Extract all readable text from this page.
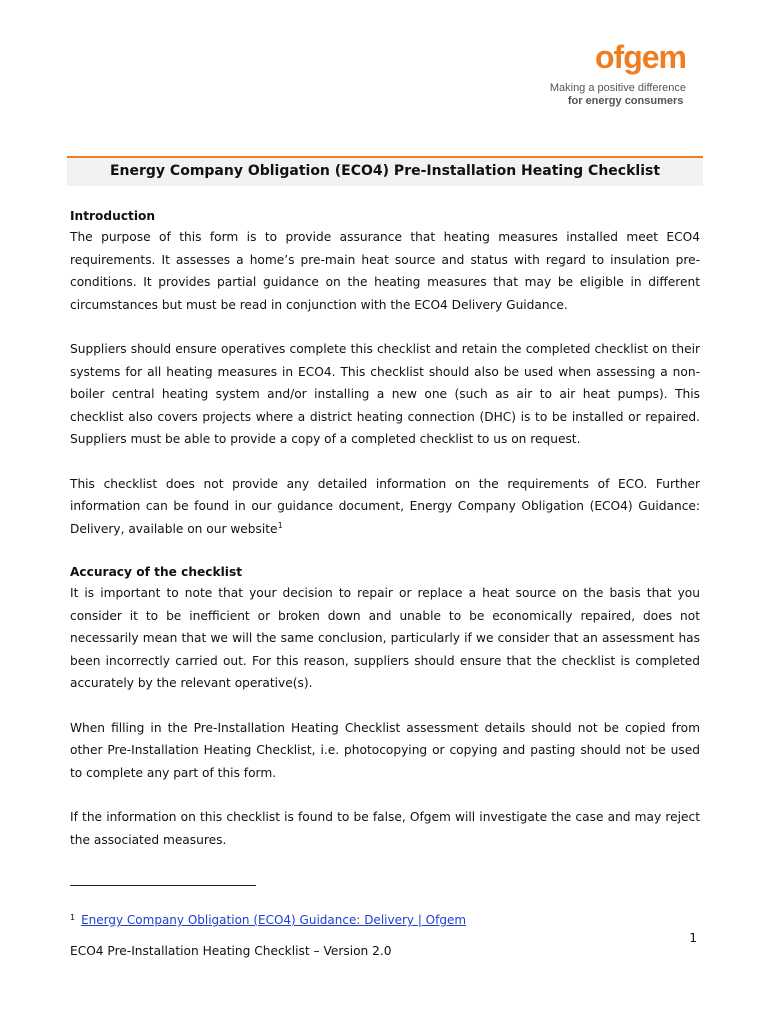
ofgem
Making a positive difference
for energy consumers
Energy Company Obligation (ECO4) Pre-Installation Heating Checklist
Introduction

The purpose of this form is to provide assurance that heating measures installed meet ECO4 requirements. It assesses a home’s pre-main heat source and status with regard to insulation pre-conditions. It provides partial guidance on the heating measures that may be eligible in different circumstances but must be read in conjunction with the ECO4 Delivery Guidance.

Suppliers should ensure operatives complete this checklist and retain the completed checklist on their systems for all heating measures in ECO4. This checklist should also be used when assessing a non-boiler central heating system and/or installing a new one (such as air to air heat pumps). This checklist also covers projects where a district heating connection (DHC) is to be installed or repaired. Suppliers must be able to provide a copy of a completed checklist to us on request.

This checklist does not provide any detailed information on the requirements of ECO. Further information can be found in our guidance document, Energy Company Obligation (ECO4) Guidance: Delivery, available on our website$^1$

Accuracy of the checklist

It is important to note that your decision to repair or replace a heat source on the basis that you consider it to be inefficient or broken down and unable to be economically repaired, does not necessarily mean that we will the same conclusion, particularly if we consider that an assessment has been incorrectly carried out. For this reason, suppliers should ensure that the checklist is completed accurately by the relevant operative(s).

When filling in the Pre-Installation Heating Checklist assessment details should not be copied from other Pre-Installation Heating Checklist, i.e. photocopying or copying and pasting should not be used to complete any part of this form.

If the information on this checklist is found to be false, Ofgem will investigate the case and may reject the associated measures.

$^1$ Energy Company Obligation (ECO4) Guidance: Delivery | Ofgem
1
ECO4 Pre-Installation Heating Checklist – Version 2.0
